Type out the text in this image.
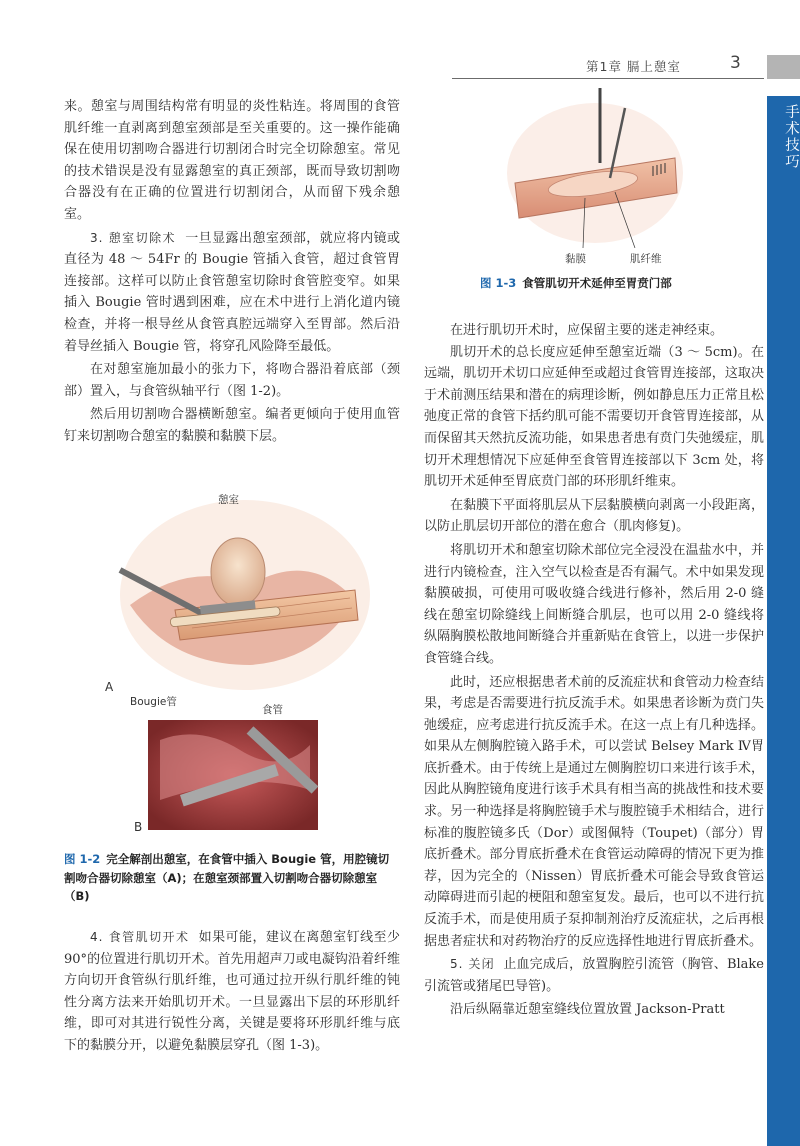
第1章 膈上憩室	3
手术技巧

来。憩室与周围结构常有明显的炎性粘连。将周围的食管肌纤维一直剥离到憩室颈部是至关重要的。这一操作能确保在使用切割吻合器进行切割闭合时完全切除憩室。常见的技术错误是没有显露憩室的真正颈部，既而导致切割吻合器没有在正确的位置进行切割闭合，从而留下残余憩室。

3. 憩室切除术 一旦显露出憩室颈部，就应将内镜或直径为 48 ～ 54Fr 的 Bougie 管插入食管，超过食管胃连接部。这样可以防止食管憩室切除时食管腔变窄。如果插入 Bougie 管时遇到困难，应在术中进行上消化道内镜检查，并将一根导丝从食管真腔远端穿入至胃部。然后沿着导丝插入 Bougie 管，将穿孔风险降至最低。

在对憩室施加最小的张力下，将吻合器沿着底部（颈部）置入，与食管纵轴平行（图 1-2)。

然后用切割吻合器横断憩室。编者更倾向于使用血管钉来切割吻合憩室的黏膜和黏膜下层。

4. 食管肌切开术 如果可能，建议在离憩室钉线至少 90°的位置进行肌切开术。首先用超声刀或电凝钩沿着纤维方向切开食管纵行肌纤维，也可通过拉开纵行肌纤维的钝性分离方法来开始肌切开术。一旦显露出下层的环形肌纤维，即可对其进行锐性分离，关键是要将环形肌纤维与底下的黏膜分开，以避免黏膜层穿孔（图 1-3)。

憩室
A
Bougie管
食管
B
图 1-2 完全解剖出憩室，在食管中插入 Bougie 管，用腔镜切割吻合器切除憩室（A)；在憩室颈部置入切割吻合器切除憩室（B)
黏膜	肌纤维
图 1-3 食管肌切开术延伸至胃贲门部

在进行肌切开术时，应保留主要的迷走神经束。

肌切开术的总长度应延伸至憩室近端（3 ～ 5cm)。在远端，肌切开术切口应延伸至或超过食管胃连接部，这取决于术前测压结果和潜在的病理诊断，例如静息压力正常且松弛度正常的食管下括约肌可能不需要切开食管胃连接部，从而保留其天然抗反流功能，如果患者患有贲门失弛缓症，肌切开术理想情况下应延伸至食管胃连接部以下 3cm 处，将肌切开术延伸至胃底贲门部的环形肌纤维束。

在黏膜下平面将肌层从下层黏膜横向剥离一小段距离，以防止肌层切开部位的潜在愈合（肌肉修复)。

将肌切开术和憩室切除术部位完全浸没在温盐水中，并进行内镜检查，注入空气以检查是否有漏气。术中如果发现黏膜破损，可使用可吸收缝合线进行修补，然后用 2-0 缝线在憩室切除缝线上间断缝合肌层，也可以用 2-0 缝线将纵隔胸膜松散地间断缝合并重新贴在食管上，以进一步保护食管缝合线。

此时，还应根据患者术前的反流症状和食管动力检查结果，考虑是否需要进行抗反流手术。如果患者诊断为贲门失弛缓症，应考虑进行抗反流手术。在这一点上有几种选择。如果从左侧胸腔镜入路手术，可以尝试 Belsey Mark Ⅳ胃底折叠术。由于传统上是通过左侧胸腔切口来进行该手术，因此从胸腔镜角度进行该手术具有相当高的挑战性和技术要求。另一种选择是将胸腔镜手术与腹腔镜手术相结合，进行标准的腹腔镜多氏（Dor）或图佩特（Toupet)（部分）胃底折叠术。部分胃底折叠术在食管运动障碍的情况下更为推荐，因为完全的（Nissen）胃底折叠术可能会导致食管运动障碍进而引起的梗阻和憩室复发。最后，也可以不进行抗反流手术，而是使用质子泵抑制剂治疗反流症状，之后再根据患者症状和对药物治疗的反应选择性地进行胃底折叠术。

5. 关闭 止血完成后，放置胸腔引流管（胸管、Blake 引流管或猪尾巴导管)。

沿后纵隔靠近憩室缝线位置放置 Jackson-Pratt
